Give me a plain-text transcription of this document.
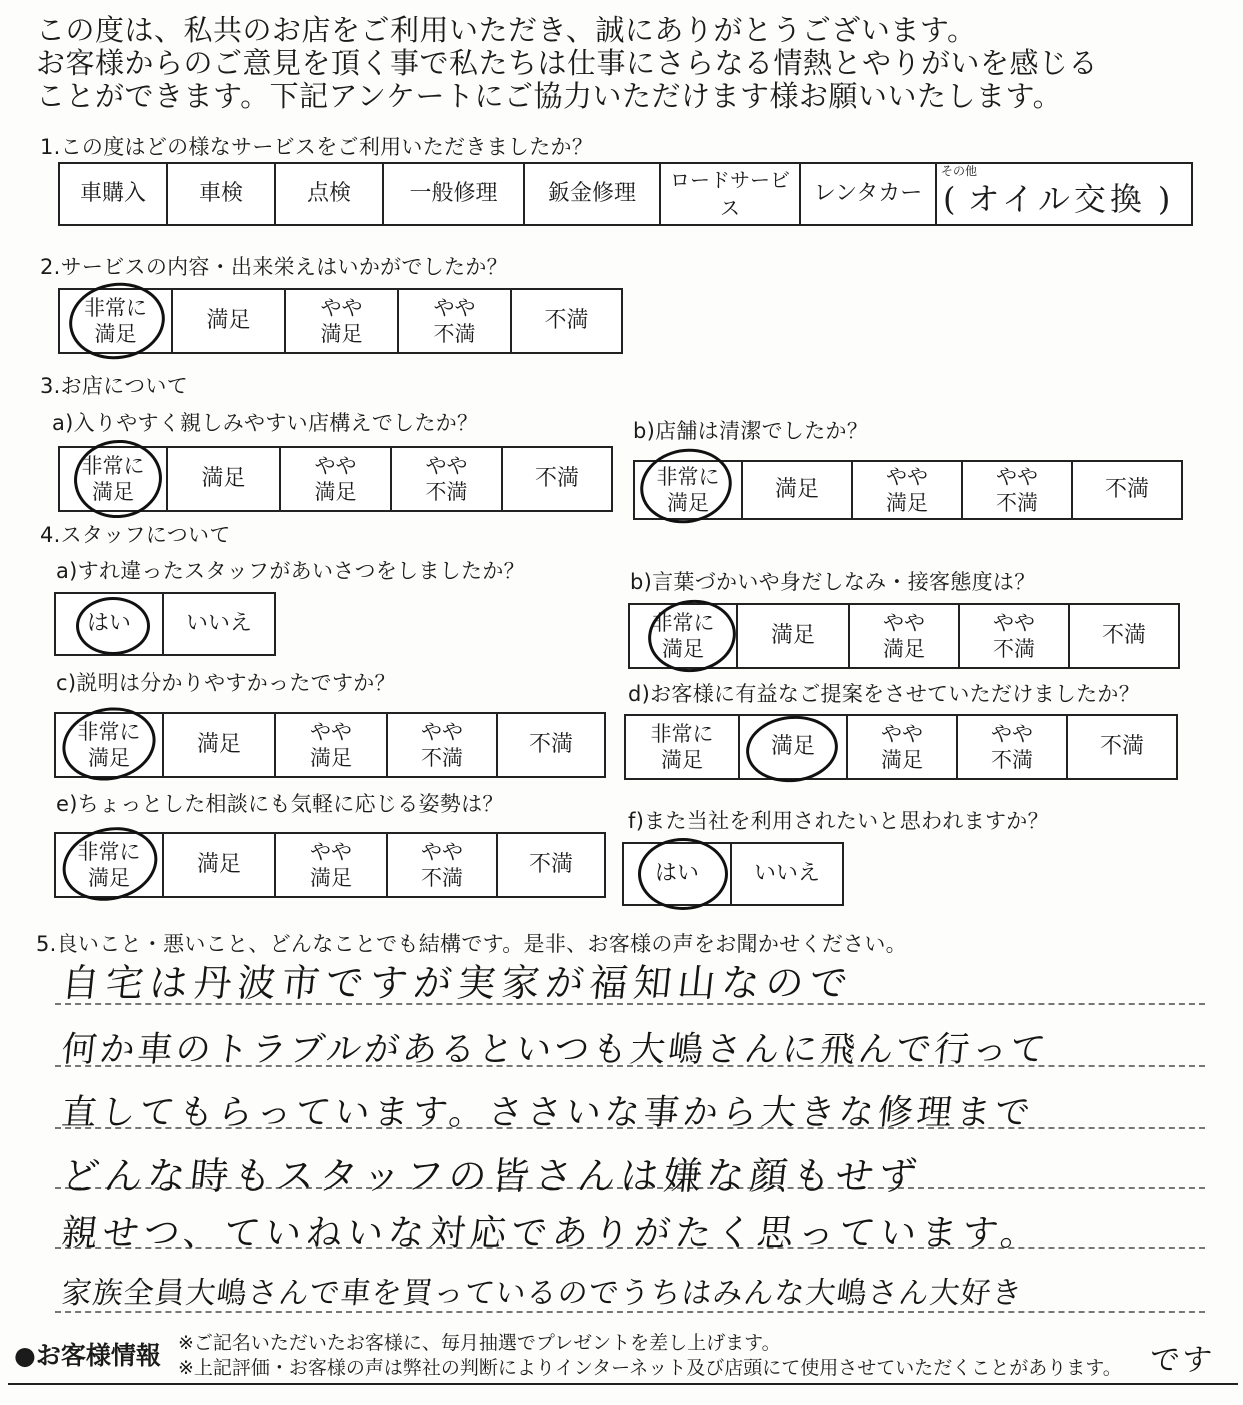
この度は、私共のお店をご利用いただき、誠にありがとうございます。
お客様からのご意見を頂く事で私たちは仕事にさらなる情熱とやりがいを感じる
ことができます。下記アンケートにご協力いただけます様お願いいたします。
1.この度はどの様なサービスをご利用いただきましたか？
車購入	車検	点検	一般修理	鈑金修理
ロードサービス
レンタカー
その他
( オイル交換 )
2.サービスの内容・出来栄えはいかがでしたか？
非常に
満足
満足	やや
満足
やや
不満
不満
3.お店について
a)入りやすく親しみやすい店構えでしたか？
非常に
満足
満足	やや
満足
やや
不満
不満
b)店舗は清潔でしたか？
非常に
満足
満足	やや
満足
やや
不満
不満
4.スタッフについて
a)すれ違ったスタッフがあいさつをしましたか？
はい	いいえ
b)言葉づかいや身だしなみ・接客態度は？
非常に
満足
満足	やや
満足
やや
不満
不満
c)説明は分かりやすかったですか？
非常に
満足
満足	やや
満足
やや
不満
不満
d)お客様に有益なご提案をさせていただけましたか？
非常に
満足
満足	やや
満足
やや
不満
不満
e)ちょっとした相談にも気軽に応じる姿勢は？
非常に
満足
満足	やや
満足
やや
不満
不満
f)また当社を利用されたいと思われますか？
はい	いいえ
5.良いこと・悪いこと、どんなことでも結構です。是非、お客様の声をお聞かせください。
自宅は丹波市ですが実家が福知山なので
何か車のトラブルがあるといつも大嶋さんに飛んで行って
直してもらっています。ささいな事から大きな修理まで
どんな時もスタッフの皆さんは嫌な顔もせず
親せつ、ていねいな対応でありがたく思っています。
家族全員大嶋さんで車を買っているのでうちはみんな大嶋さん大好き
です
●お客様情報 ※ご記名いただいたお客様に、毎月抽選でプレゼントを差し上げます。
※上記評価・お客様の声は弊社の判断によりインターネット及び店頭にて使用させていただくことがあります。
